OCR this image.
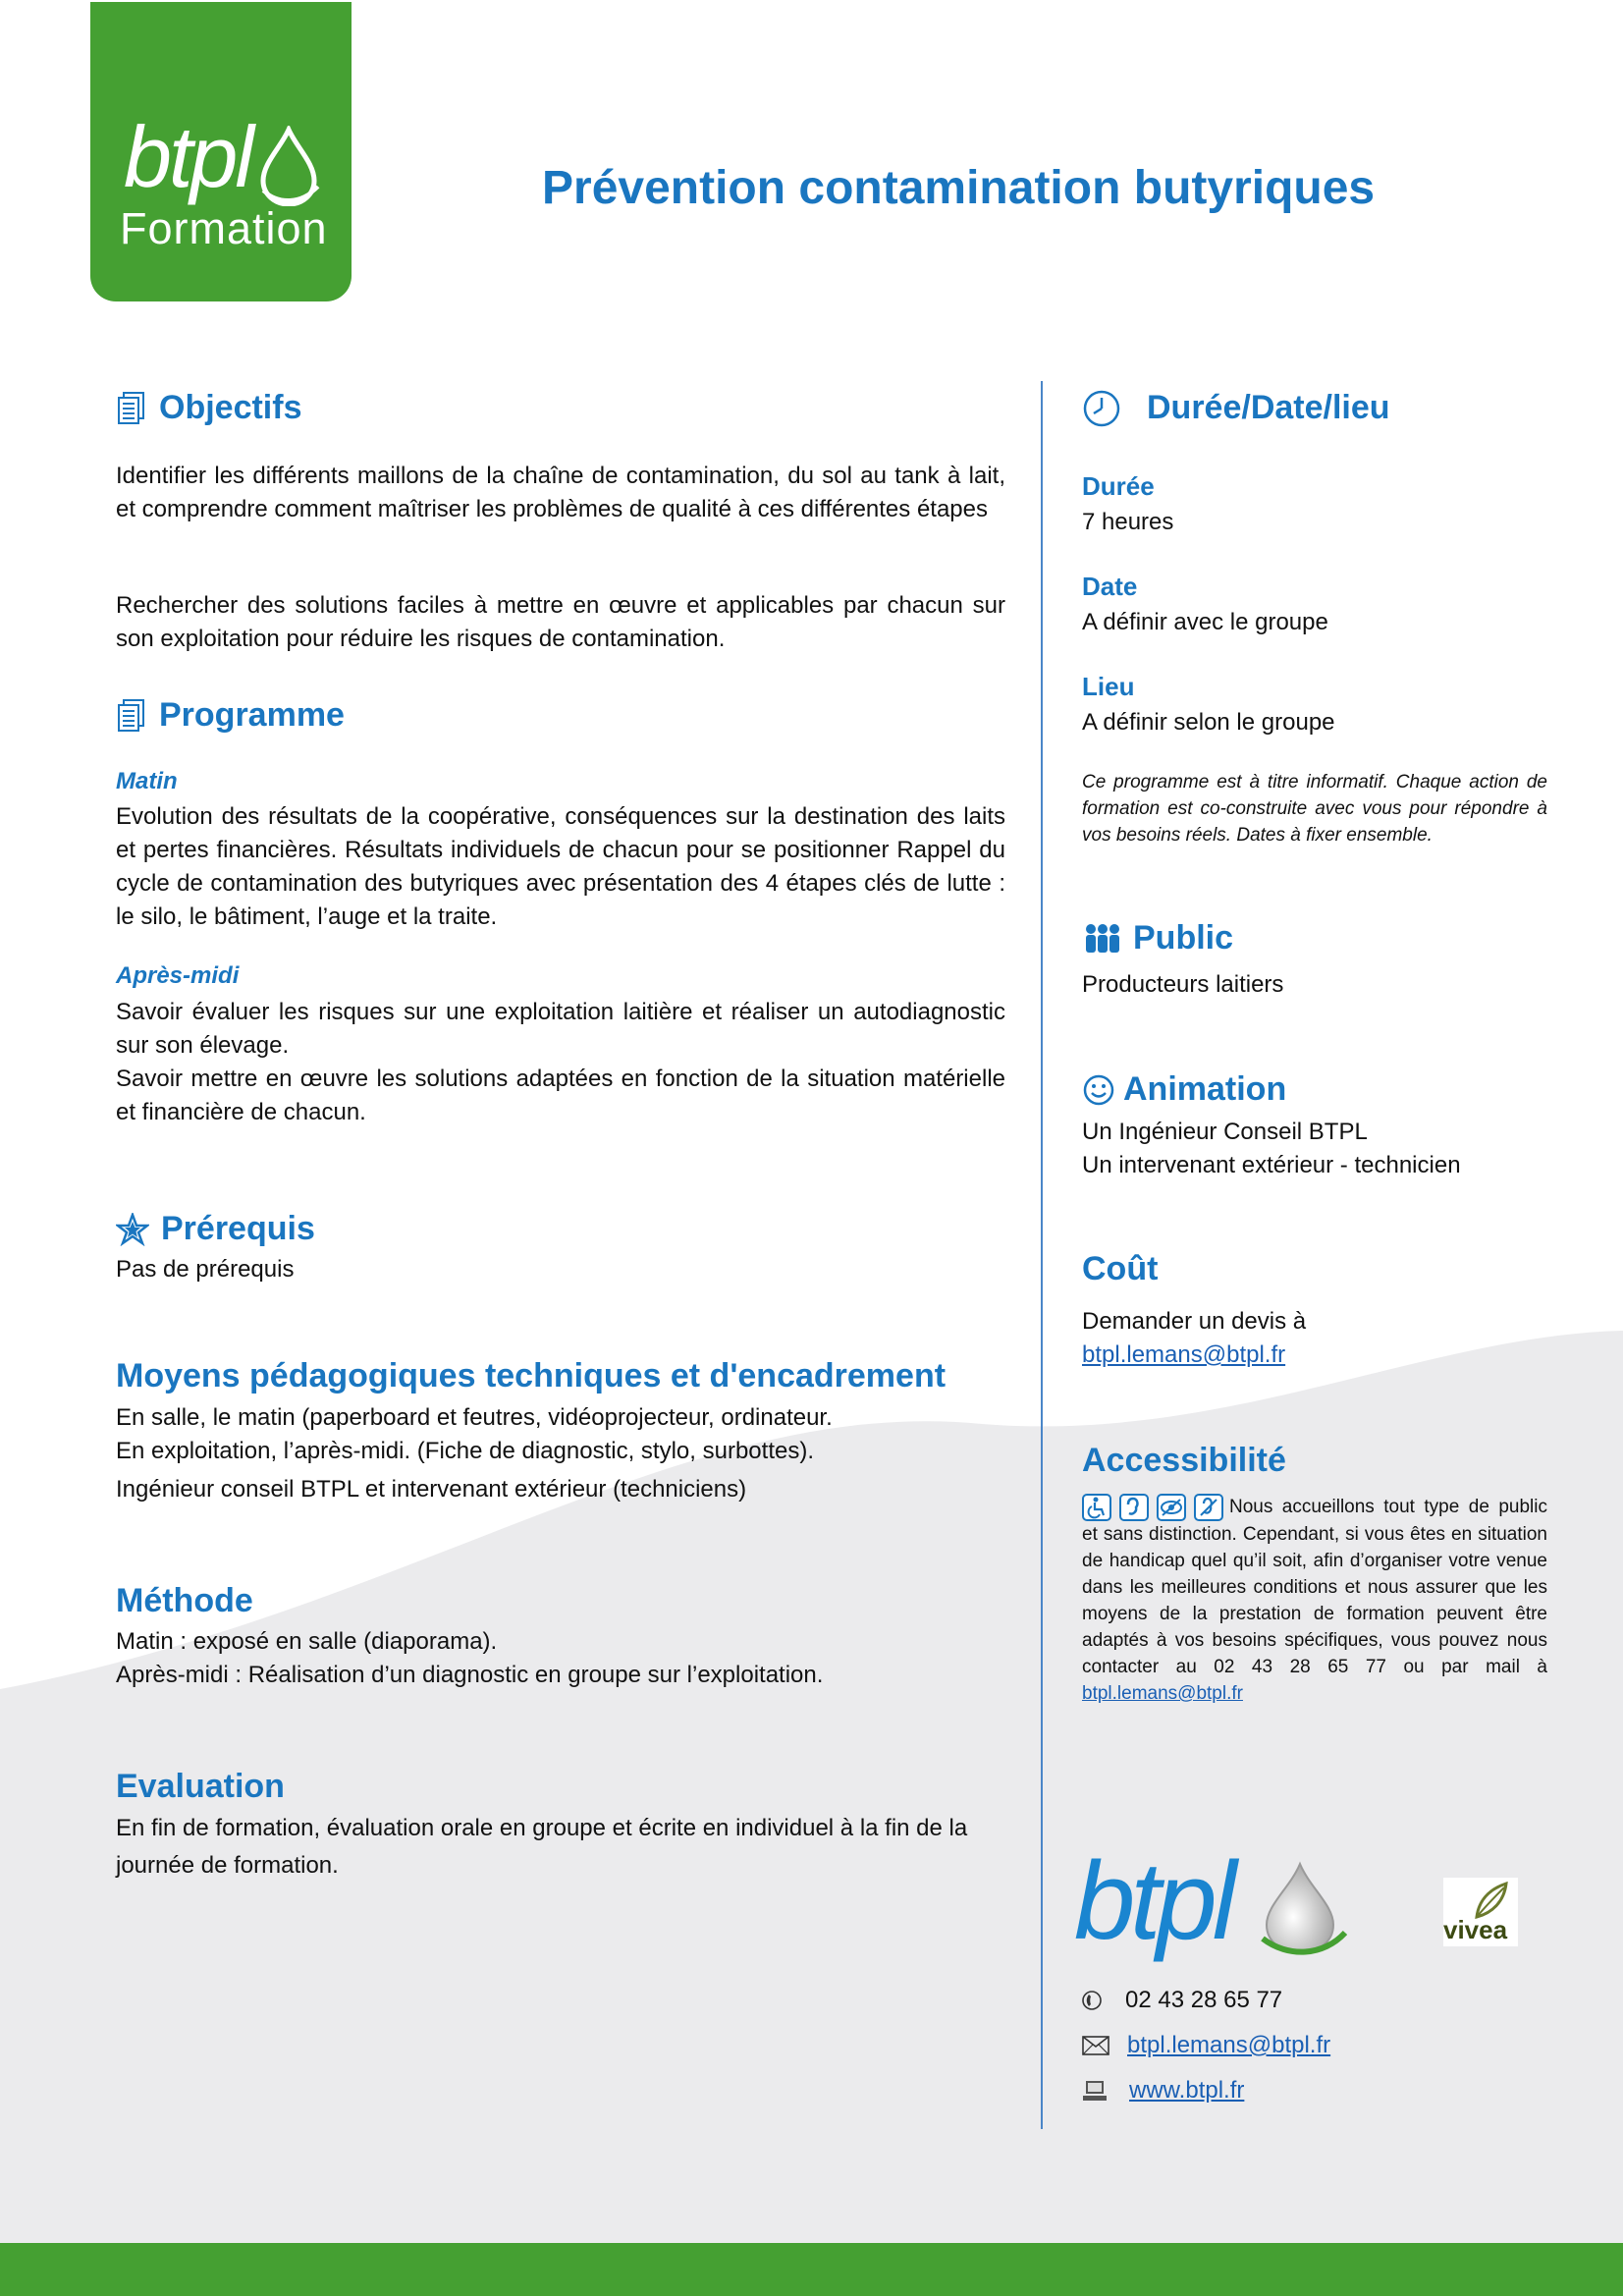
btpl
Formation
Prévention contamination butyriques
Objectifs
Identifier les différents maillons de la chaîne de contamination, du sol au tank à lait, et comprendre comment maîtriser les problèmes de qualité à ces différentes étapes
Rechercher des solutions faciles à mettre en œuvre et applicables par chacun sur son exploitation pour réduire les risques de contamination.
Programme
Matin
Evolution des résultats de la coopérative, conséquences sur la destination des laits et pertes financières. Résultats individuels de chacun pour se positionner Rappel du cycle de contamination des butyriques avec présentation des 4 étapes clés de lutte : le silo, le bâtiment, l’auge et la traite.
Après-midi
Savoir évaluer les risques sur une exploitation laitière et réaliser un autodiagnostic sur son élevage.
Savoir mettre en œuvre les solutions adaptées en fonction de la situation matérielle et financière de chacun.
Prérequis
Pas de prérequis
Moyens pédagogiques techniques et d'encadrement
En salle, le matin (paperboard et feutres, vidéoprojecteur, ordinateur.
En exploitation, l’après-midi. (Fiche de diagnostic, stylo, surbottes).
Ingénieur conseil BTPL et intervenant extérieur (techniciens)
Méthode
Matin : exposé en salle (diaporama).
Après-midi : Réalisation d’un diagnostic en groupe sur l’exploitation.
Evaluation
En fin de formation, évaluation orale en groupe et écrite en individuel à la fin de la journée de formation.
Durée/Date/lieu
Durée
7 heures
Date
A définir avec le groupe
Lieu
A définir selon le groupe
Ce programme est à titre informatif. Chaque action de formation est co-construite avec vous pour répondre à vos besoins réels. Dates à fixer ensemble.
Public
Producteurs laitiers
Animation
Un Ingénieur Conseil BTPL
Un intervenant extérieur - technicien
Coût
Demander un devis à
btpl.lemans@btpl.fr
Accessibilité
Nous accueillons tout type de public et sans distinction. Cependant, si vous êtes en situation de handicap quel qu’il soit, afin d’organiser votre venue dans les meilleures conditions et nous assurer que les moyens de la prestation de formation peuvent être adaptés à vos besoins spécifiques, vous pouvez nous contacter au 02 43 28 65 77 ou par mail à btpl.lemans@btpl.fr
btpl	vivea
02 43 28 65 77
btpl.lemans@btpl.fr
www.btpl.fr
